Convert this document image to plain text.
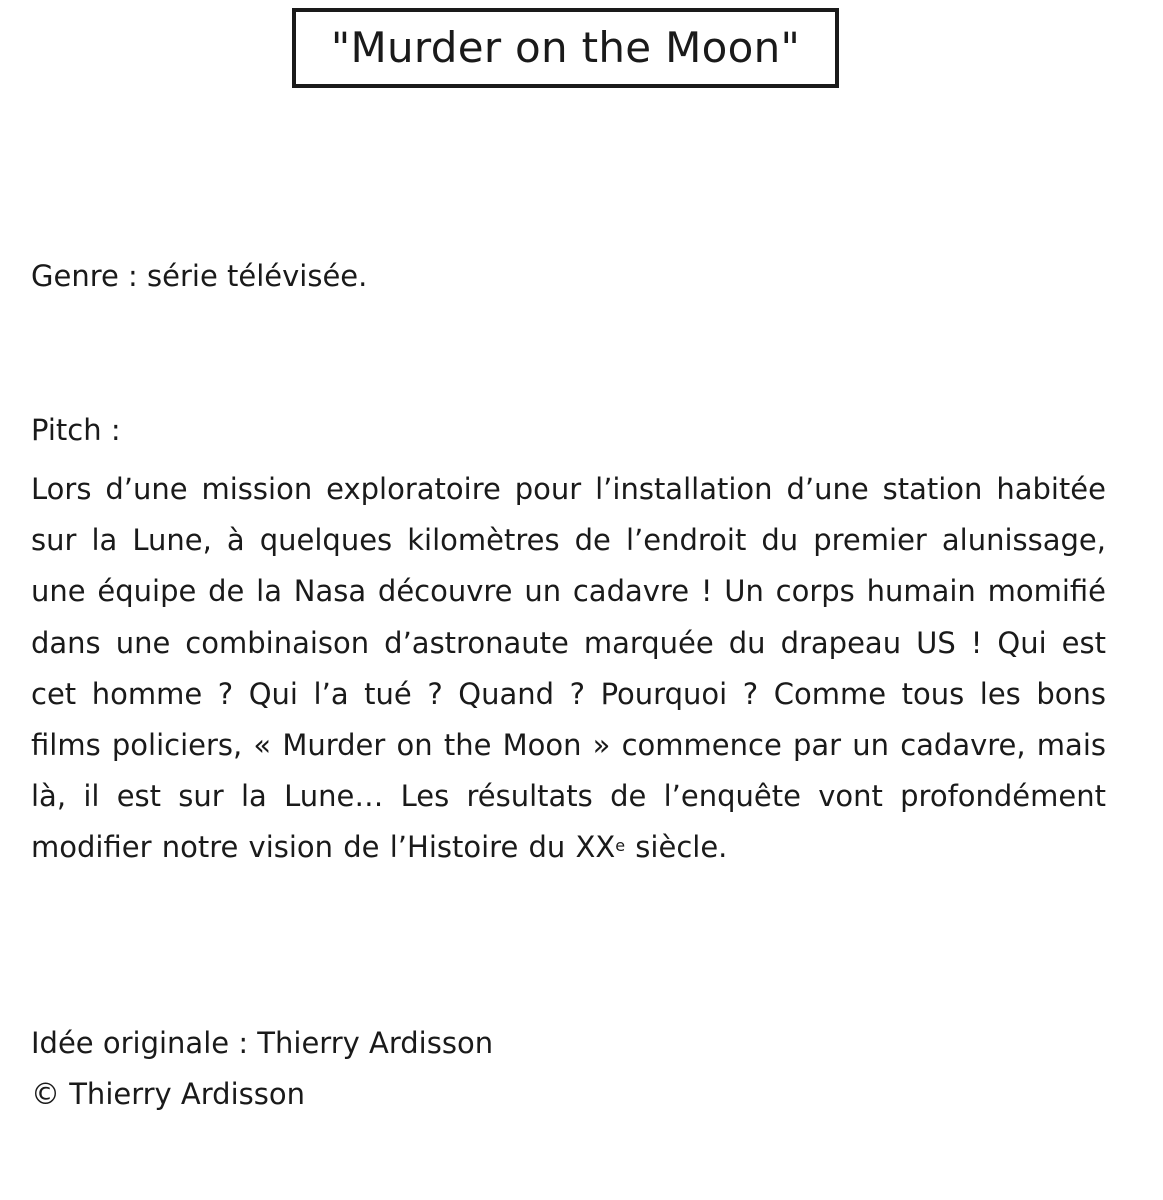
"Murder on the Moon"
Genre : série télévisée.
Pitch :
Lors d’une mission exploratoire pour l’installation d’une station habitée sur la Lune, à quelques kilomètres de l’endroit du premier alunissage, une équipe de la Nasa découvre un cadavre ! Un corps humain momifié dans une combinaison d’astronaute marquée du drapeau US ! Qui est cet homme ? Qui l’a tué ? Quand ? Pourquoi ? Comme tous les bons films policiers, « Murder on the Moon » commence par un cadavre, mais là, il est sur la Lune… Les résultats de l’enquête vont profondément modifier notre vision de l’Histoire du XXe siècle.
Idée originale : Thierry Ardisson
© Thierry Ardisson
